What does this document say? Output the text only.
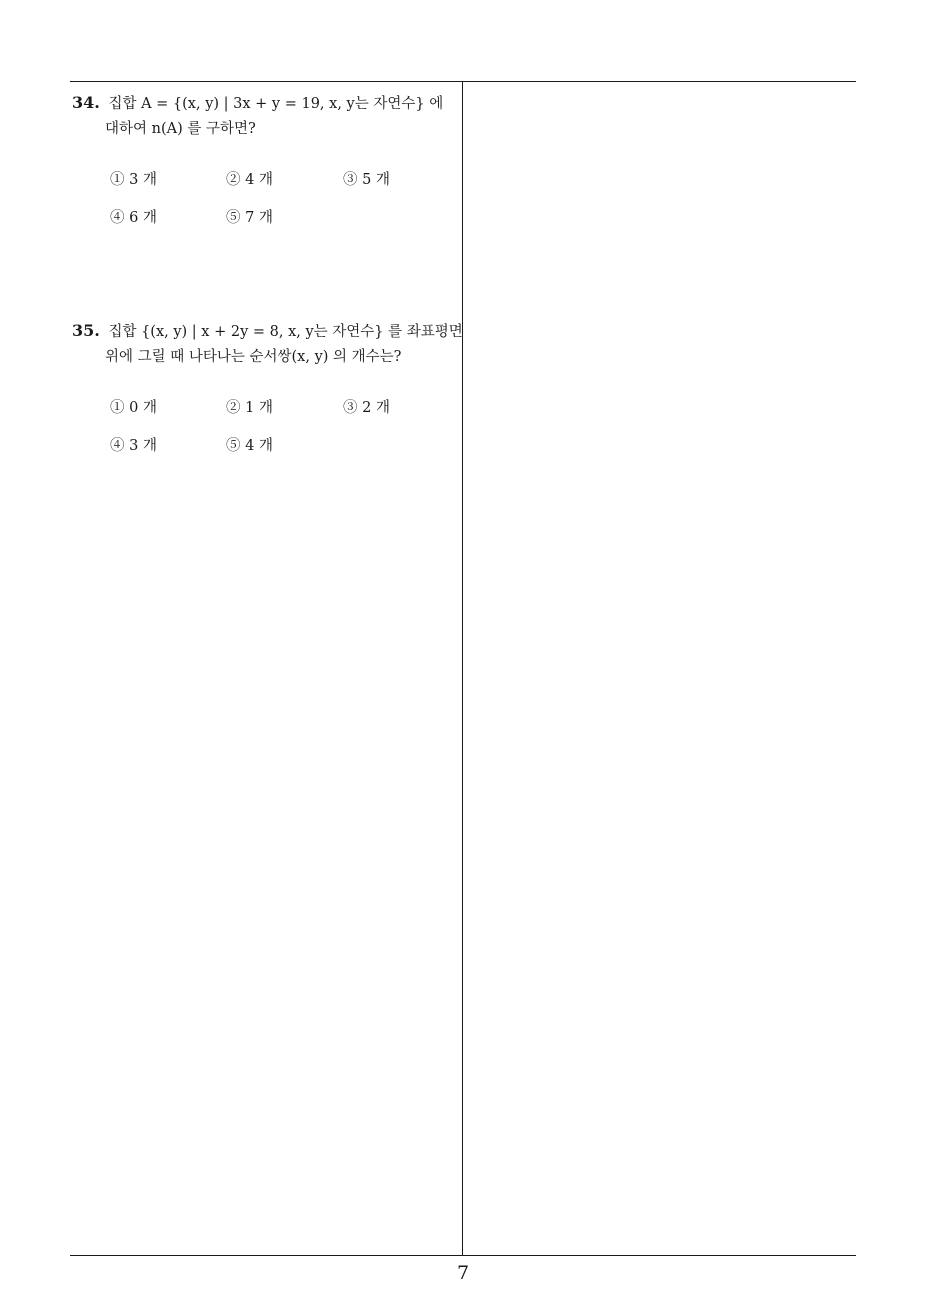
34. 집합 A = {(x, y) | 3x + y = 19, x, y는 자연수} 에
대하여 n(A) 를 구하면?
① 3 개	② 4 개	③ 5 개
④ 6 개	⑤ 7 개
35. 집합 {(x, y) | x + 2y = 8, x, y는 자연수} 를 좌표평면
위에 그릴 때 나타나는 순서쌍(x, y) 의 개수는?
① 0 개	② 1 개	③ 2 개
④ 3 개	⑤ 4 개
7
